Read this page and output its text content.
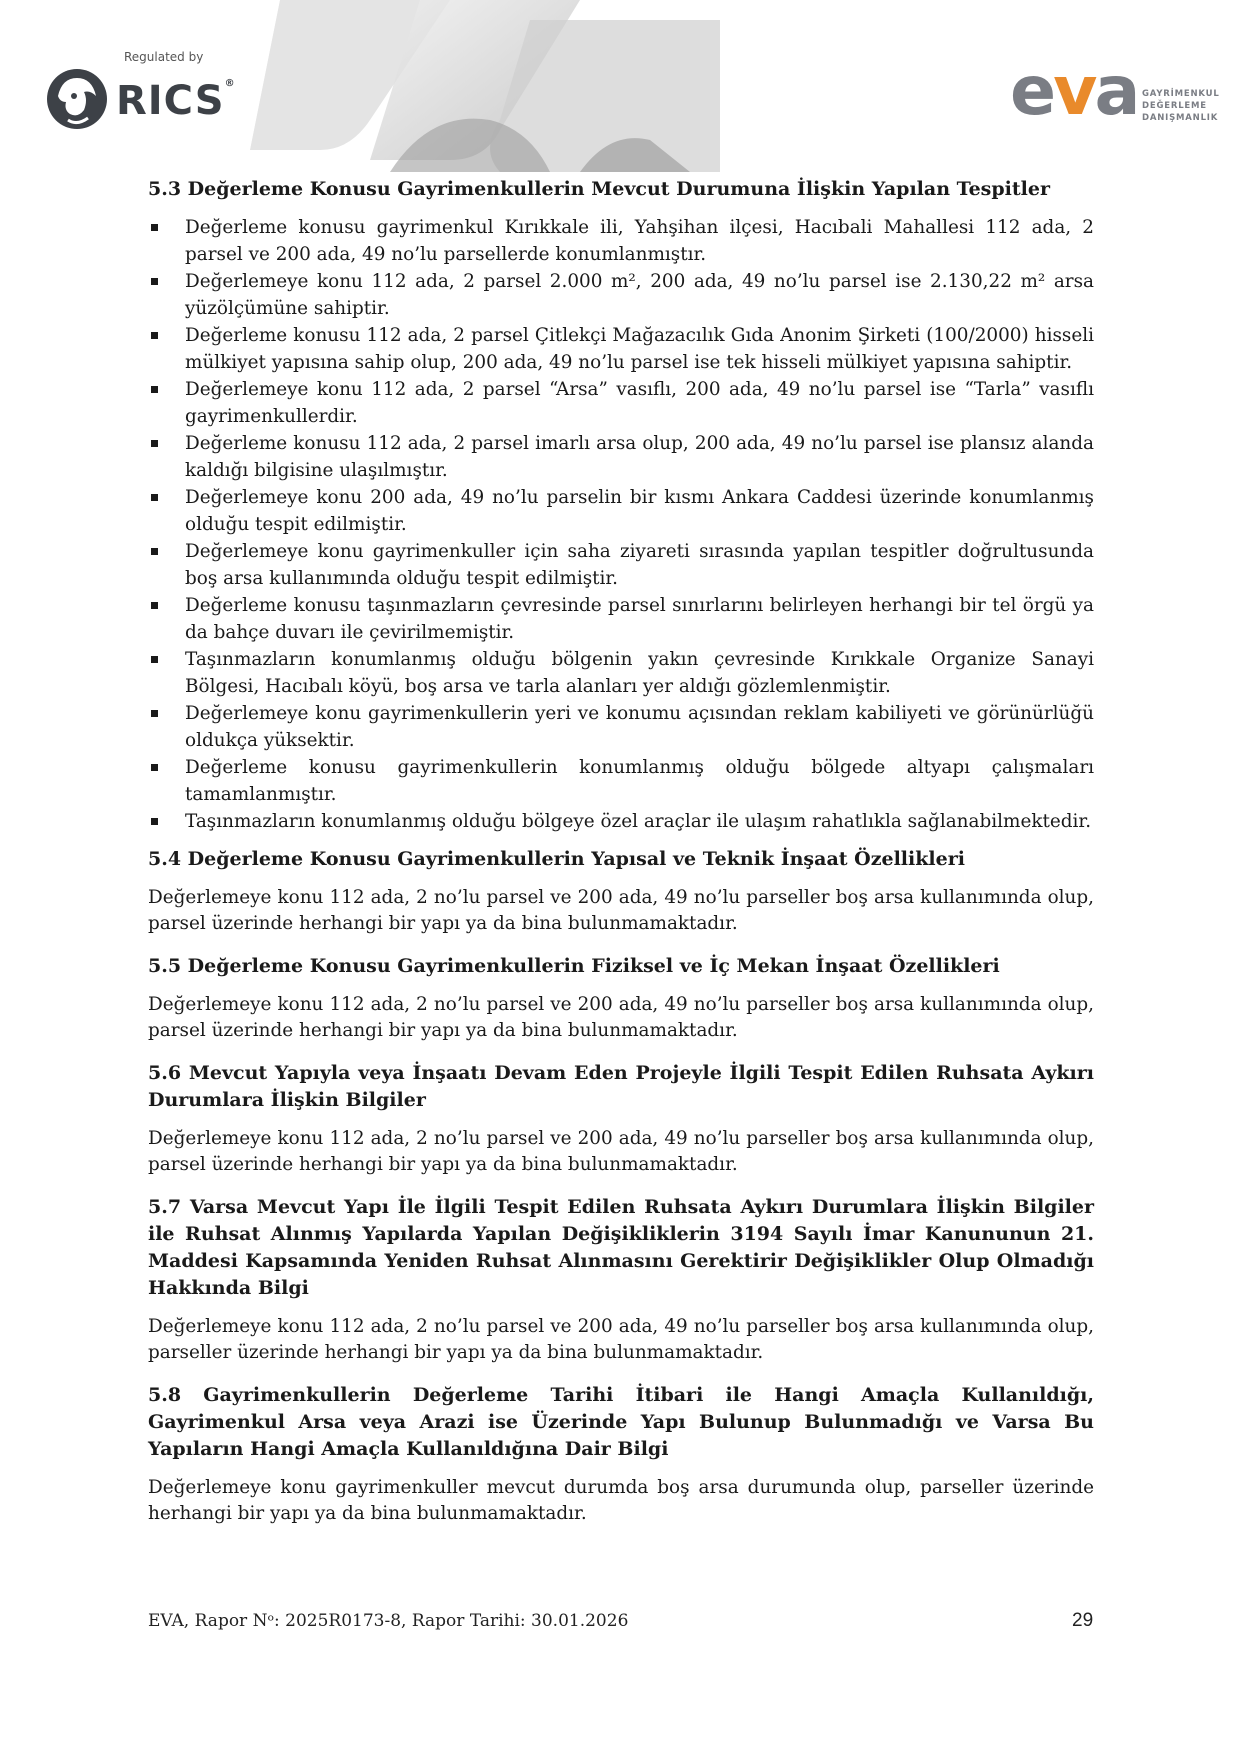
Regulated by
RICS®	eva GAYRİMENKUL
DEĞERLEME
DANIŞMANLIK
5.3 Değerleme Konusu Gayrimenkullerin Mevcut Durumuna İlişkin Yapılan Tespitler
Değerleme konusu gayrimenkul Kırıkkale ili, Yahşihan ilçesi, Hacıbali Mahallesi 112 ada, 2 parsel ve 200 ada, 49 no’lu parsellerde konumlanmıştır.
Değerlemeye konu 112 ada, 2 parsel 2.000 m², 200 ada, 49 no’lu parsel ise 2.130,22 m² arsa yüzölçümüne sahiptir.
Değerleme konusu 112 ada, 2 parsel Çitlekçi Mağazacılık Gıda Anonim Şirketi (100/2000) hisseli mülkiyet yapısına sahip olup, 200 ada, 49 no’lu parsel ise tek hisseli mülkiyet yapısına sahiptir.
Değerlemeye konu 112 ada, 2 parsel “Arsa” vasıflı, 200 ada, 49 no’lu parsel ise “Tarla” vasıflı gayrimenkullerdir.
Değerleme konusu 112 ada, 2 parsel imarlı arsa olup, 200 ada, 49 no’lu parsel ise plansız alanda kaldığı bilgisine ulaşılmıştır.
Değerlemeye konu 200 ada, 49 no’lu parselin bir kısmı Ankara Caddesi üzerinde konumlanmış olduğu tespit edilmiştir.
Değerlemeye konu gayrimenkuller için saha ziyareti sırasında yapılan tespitler doğrultusunda boş arsa kullanımında olduğu tespit edilmiştir.
Değerleme konusu taşınmazların çevresinde parsel sınırlarını belirleyen herhangi bir tel örgü ya da bahçe duvarı ile çevirilmemiştir.
Taşınmazların konumlanmış olduğu bölgenin yakın çevresinde Kırıkkale Organize Sanayi Bölgesi, Hacıbalı köyü, boş arsa ve tarla alanları yer aldığı gözlemlenmiştir.
Değerlemeye konu gayrimenkullerin yeri ve konumu açısından reklam kabiliyeti ve görünürlüğü oldukça yüksektir.
Değerleme konusu gayrimenkullerin konumlanmış olduğu bölgede altyapı çalışmaları tamamlanmıştır.
Taşınmazların konumlanmış olduğu bölgeye özel araçlar ile ulaşım rahatlıkla sağlanabilmektedir.
5.4 Değerleme Konusu Gayrimenkullerin Yapısal ve Teknik İnşaat Özellikleri

Değerlemeye konu 112 ada, 2 no’lu parsel ve 200 ada, 49 no’lu parseller boş arsa kullanımında olup, parsel üzerinde herhangi bir yapı ya da bina bulunmamaktadır.

5.5 Değerleme Konusu Gayrimenkullerin Fiziksel ve İç Mekan İnşaat Özellikleri

Değerlemeye konu 112 ada, 2 no’lu parsel ve 200 ada, 49 no’lu parseller boş arsa kullanımında olup, parsel üzerinde herhangi bir yapı ya da bina bulunmamaktadır.

5.6 Mevcut Yapıyla veya İnşaatı Devam Eden Projeyle İlgili Tespit Edilen Ruhsata Aykırı Durumlara İlişkin Bilgiler

Değerlemeye konu 112 ada, 2 no’lu parsel ve 200 ada, 49 no’lu parseller boş arsa kullanımında olup, parsel üzerinde herhangi bir yapı ya da bina bulunmamaktadır.

5.7 Varsa Mevcut Yapı İle İlgili Tespit Edilen Ruhsata Aykırı Durumlara İlişkin Bilgiler ile Ruhsat Alınmış Yapılarda Yapılan Değişikliklerin 3194 Sayılı İmar Kanununun 21. Maddesi Kapsamında Yeniden Ruhsat Alınmasını Gerektirir Değişiklikler Olup Olmadığı Hakkında Bilgi

Değerlemeye konu 112 ada, 2 no’lu parsel ve 200 ada, 49 no’lu parseller boş arsa kullanımında olup, parseller üzerinde herhangi bir yapı ya da bina bulunmamaktadır.

5.8 Gayrimenkullerin Değerleme Tarihi İtibari ile Hangi Amaçla Kullanıldığı, Gayrimenkul Arsa veya Arazi ise Üzerinde Yapı Bulunup Bulunmadığı ve Varsa Bu Yapıların Hangi Amaçla Kullanıldığına Dair Bilgi

Değerlemeye konu gayrimenkuller mevcut durumda boş arsa durumunda olup, parseller üzerinde herhangi bir yapı ya da bina bulunmamaktadır.

EVA, Rapor Nᵒ: 2025R0173-8, Rapor Tarihi: 30.01.2026	29
